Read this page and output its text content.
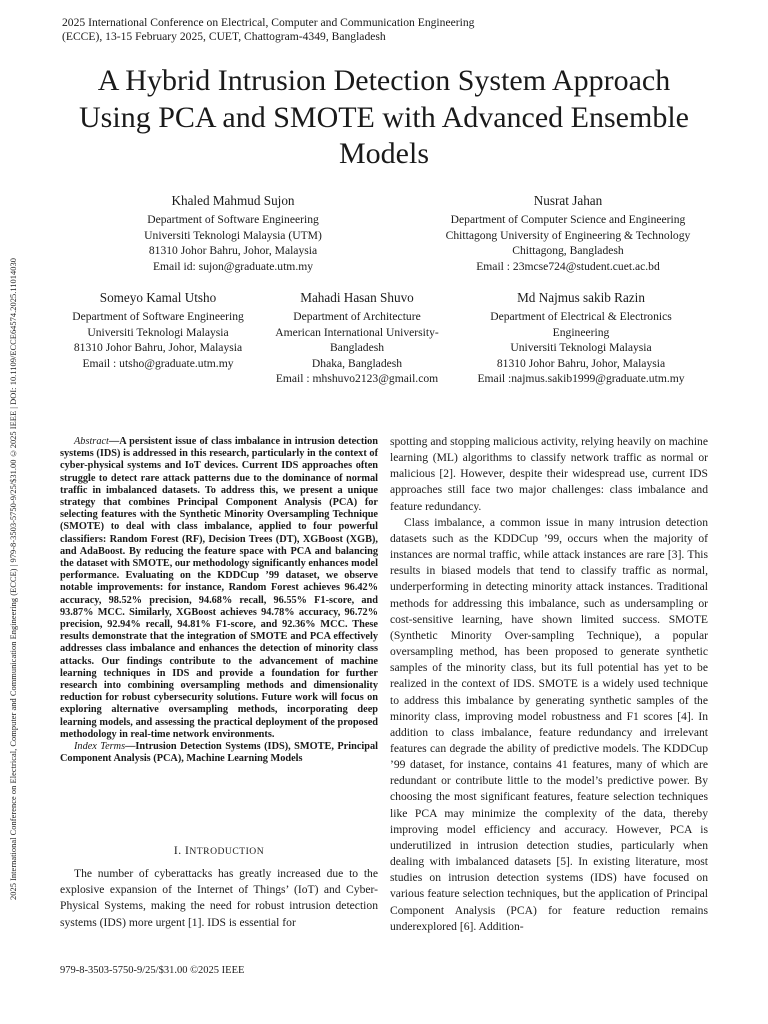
2025 International Conference on Electrical, Computer and Communication Engineering (ECCE) | 979-8-3503-5750-9/25/$31.00 ©2025 IEEE | DOI: 10.1109/ECCE64574.2025.11014030
2025 International Conference on Electrical, Computer and Communication Engineering
(ECCE), 13-15 February 2025, CUET, Chattogram-4349, Bangladesh
A Hybrid Intrusion Detection System Approach
Using PCA and SMOTE with Advanced Ensemble
Models
Khaled Mahmud Sujon
Department of Software Engineering
Universiti Teknologi Malaysia (UTM)
81310 Johor Bahru, Johor, Malaysia
Email id: sujon@graduate.utm.my
Nusrat Jahan
Department of Computer Science and Engineering
Chittagong University of Engineering & Technology
Chittagong, Bangladesh
Email : 23mcse724@student.cuet.ac.bd
Someyo Kamal Utsho
Department of Software Engineering
Universiti Teknologi Malaysia
81310 Johor Bahru, Johor, Malaysia
Email : utsho@graduate.utm.my
Mahadi Hasan Shuvo
Department of Architecture
American International University-
Bangladesh
Dhaka, Bangladesh
Email : mhshuvo2123@gmail.com
Md Najmus sakib Razin
Department of Electrical & Electronics
Engineering
Universiti Teknologi Malaysia
81310 Johor Bahru, Johor, Malaysia
Email :najmus.sakib1999@graduate.utm.my

Abstract—A persistent issue of class imbalance in intrusion detection systems (IDS) is addressed in this research, particularly in the context of cyber-physical systems and IoT devices. Current IDS approaches often struggle to detect rare attack patterns due to the dominance of normal traffic in imbalanced datasets. To address this, we present a unique strategy that combines Principal Component Analysis (PCA) for selecting features with the Synthetic Minority Oversampling Technique (SMOTE) to deal with class imbalance, applied to four powerful classifiers: Random Forest (RF), Decision Trees (DT), XGBoost (XGB), and AdaBoost. By reducing the feature space with PCA and balancing the dataset with SMOTE, our methodology significantly enhances model performance. Evaluating on the KDDCup ’99 dataset, we observe notable improvements: for instance, Random Forest achieves 96.42% accuracy, 98.52% precision, 94.68% recall, 96.55% F1-score, and 93.87% MCC. Similarly, XGBoost achieves 94.78% accuracy, 96.72% precision, 92.94% recall, 94.81% F1-score, and 92.36% MCC. These results demonstrate that the integration of SMOTE and PCA effectively addresses class imbalance and enhances the detection of minority class attacks. Our findings contribute to the advancement of machine learning techniques in IDS and provide a foundation for further research into combining oversampling methods and dimensionality reduction for robust cybersecurity solutions. Future work will focus on exploring alternative oversampling methods, incorporating deep learning models, and assessing the practical deployment of the proposed methodology in real-time network environments.

Index Terms—Intrusion Detection Systems (IDS), SMOTE, Principal Component Analysis (PCA), Machine Learning Models

I. INTRODUCTION

The number of cyberattacks has greatly increased due to the explosive expansion of the Internet of Things’ (IoT) and Cyber-Physical Systems, making the need for robust intrusion detection systems (IDS) more urgent [1]. IDS is essential for

spotting and stopping malicious activity, relying heavily on machine learning (ML) algorithms to classify network traffic as normal or malicious [2]. However, despite their widespread use, current IDS approaches still face two major challenges: class imbalance and feature redundancy.

Class imbalance, a common issue in many intrusion detection datasets such as the KDDCup ’99, occurs when the majority of instances are normal traffic, while attack instances are rare [3]. This results in biased models that tend to classify traffic as normal, underperforming in detecting minority attack instances. Traditional methods for addressing this imbalance, such as undersampling or cost-sensitive learning, have shown limited success. SMOTE (Synthetic Minority Over-sampling Technique), a popular oversampling method, has been proposed to generate synthetic samples of the minority class, but its full potential has yet to be realized in the context of IDS. SMOTE is a widely used technique to address this imbalance by generating synthetic samples of the minority class, improving model robustness and F1 scores [4]. In addition to class imbalance, feature redundancy and irrelevant features can degrade the ability of predictive models. The KDDCup ’99 dataset, for instance, contains 41 features, many of which are redundant or contribute little to the model’s predictive power. By choosing the most significant features, feature selection techniques like PCA may minimize the complexity of the data, thereby improving model efficiency and accuracy. However, PCA is underutilized in intrusion detection studies, particularly when dealing with imbalanced datasets [5]. In existing literature, most studies on intrusion detection systems (IDS) have focused on various feature selection techniques, but the application of Principal Component Analysis (PCA) for feature reduction remains underexplored [6]. Addition-

979-8-3503-5750-9/25/$31.00 ©2025 IEEE
